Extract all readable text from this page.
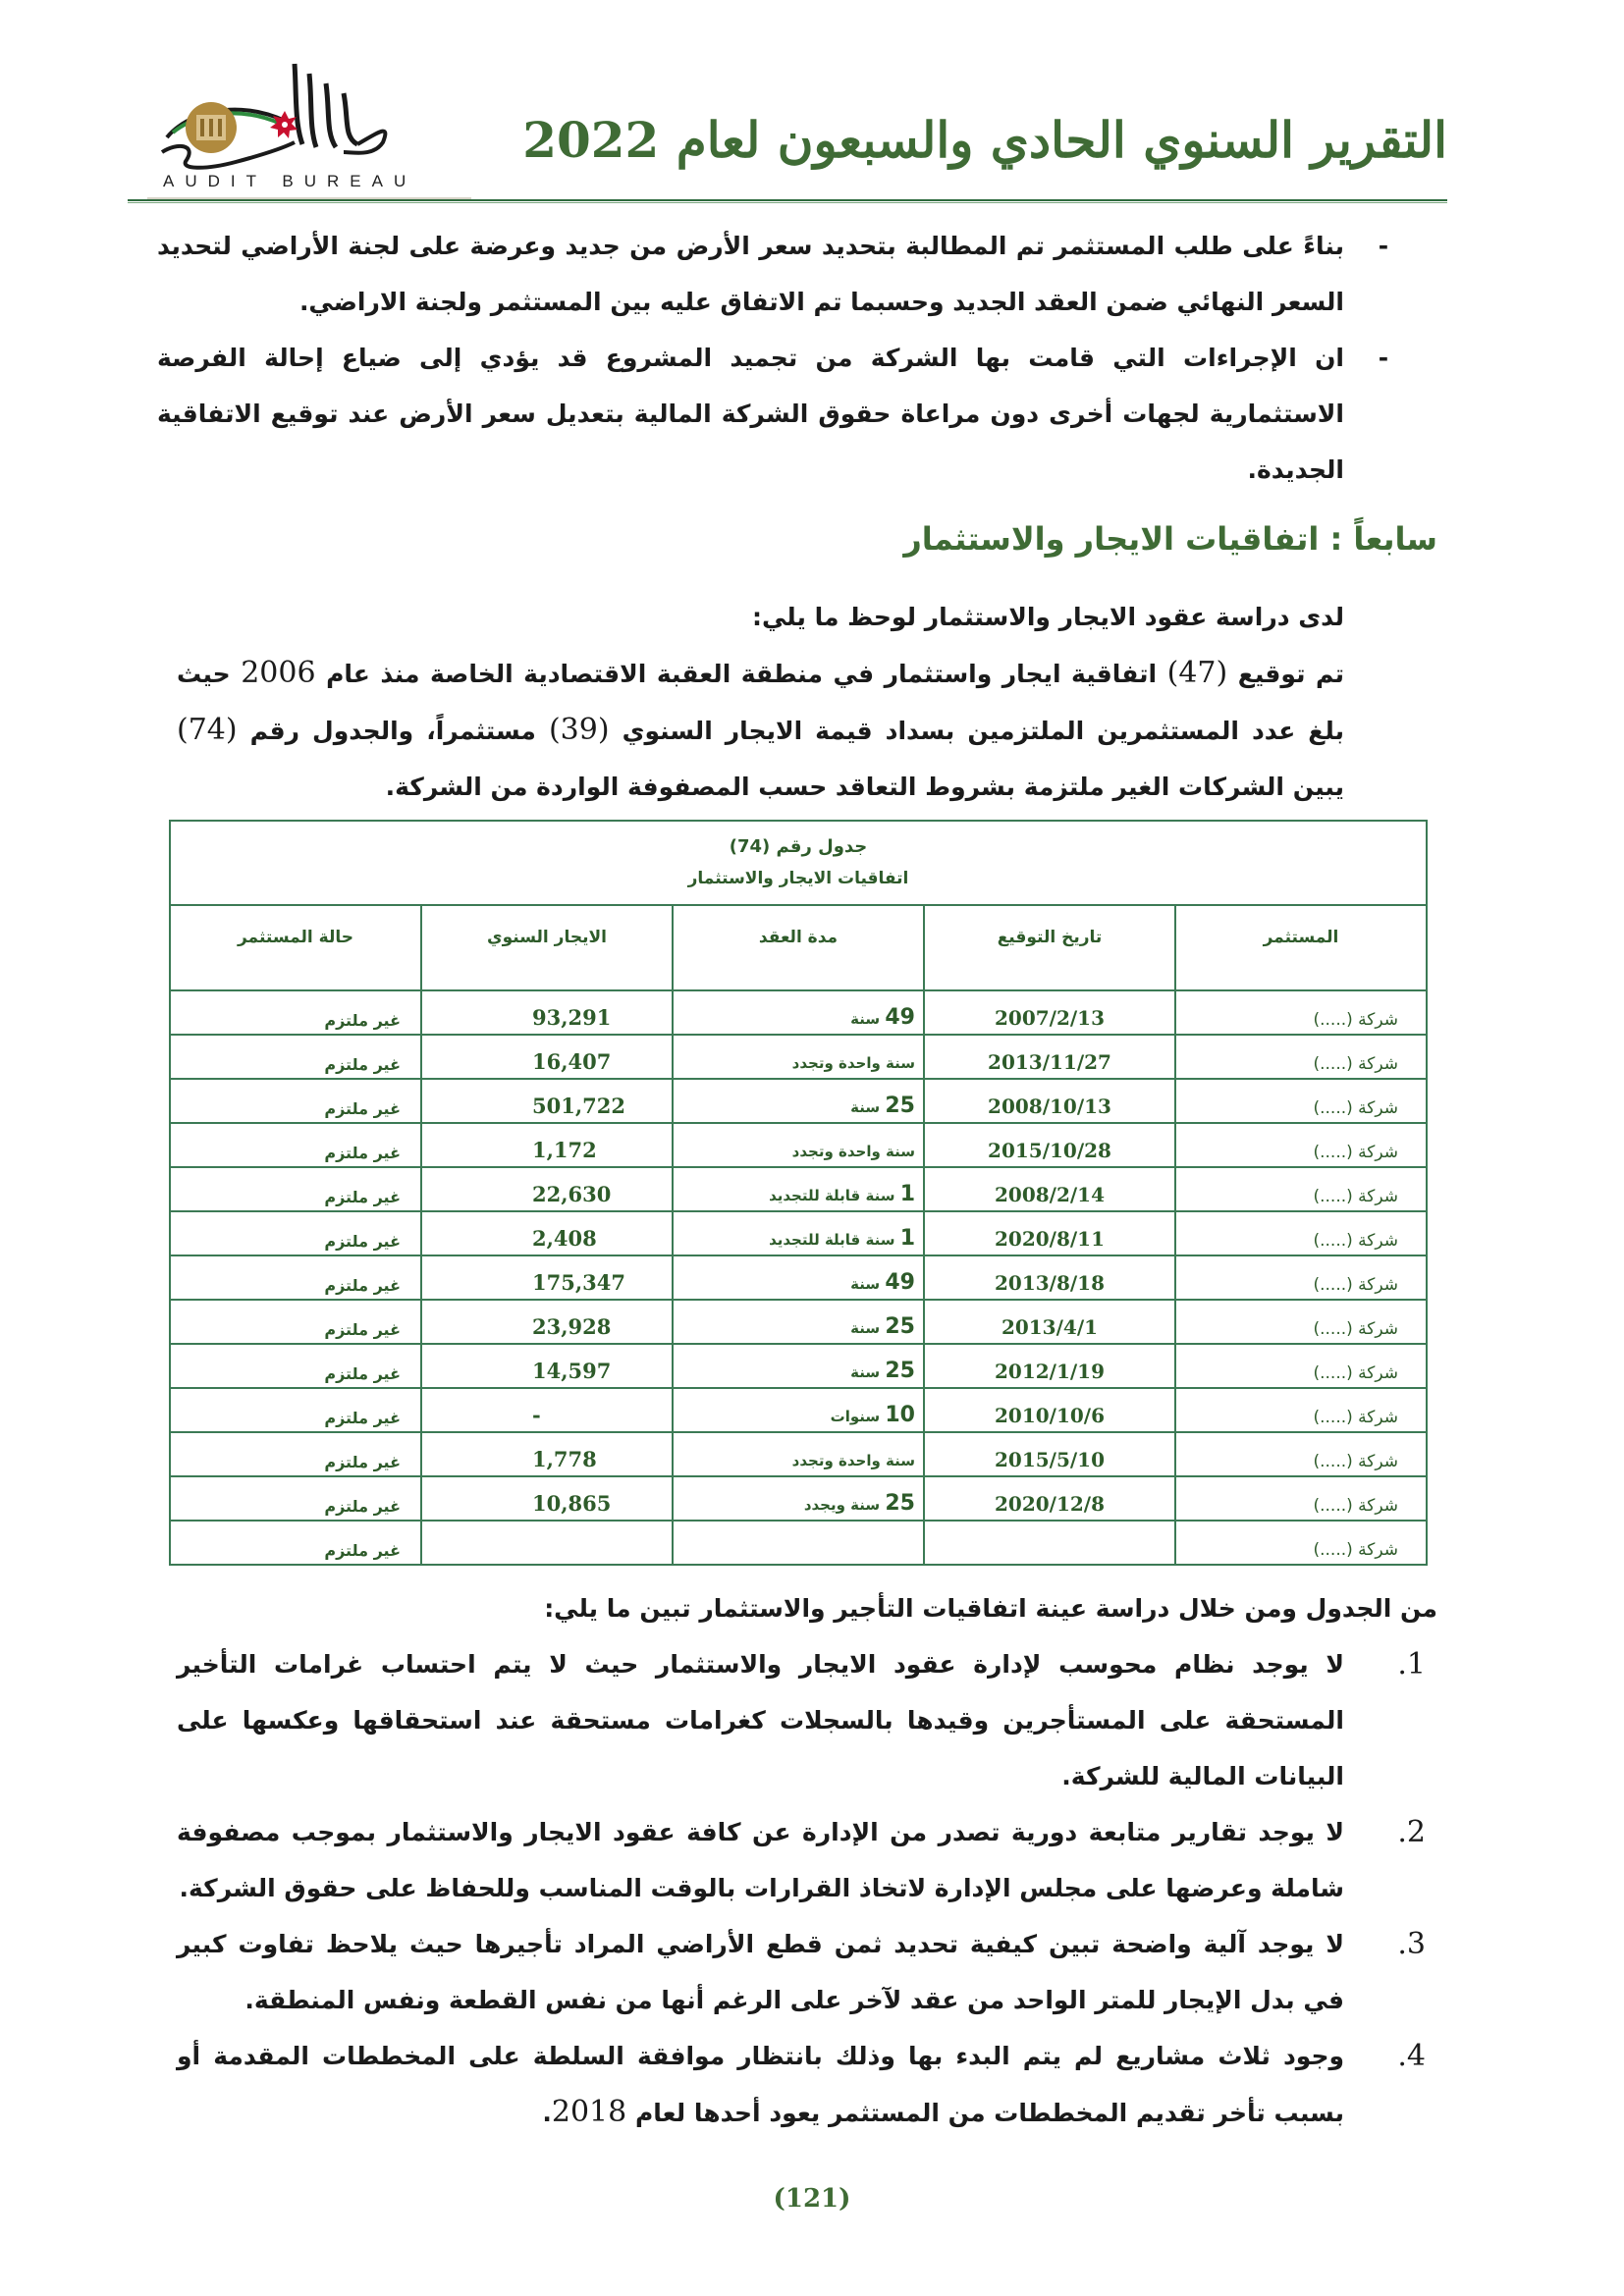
التقرير السنوي الحادي والسبعون لعام 2022
AUDIT BUREAU
-
بناءً على طلب المستثمر تم المطالبة بتحديد سعر الأرض من جديد وعرضة على لجنة الأراضي لتحديد السعر النهائي ضمن العقد الجديد وحسبما تم الاتفاق عليه بين المستثمر ولجنة الاراضي.
-
ان الإجراءات التي قامت بها الشركة من تجميد المشروع قد يؤدي إلى ضياع إحالة الفرصة الاستثمارية لجهات أخرى دون مراعاة حقوق الشركة المالية بتعديل سعر الأرض عند توقيع الاتفاقية الجديدة.
سابعاً : اتفاقيات الايجار والاستثمار
لدى دراسة عقود الايجار والاستثمار لوحظ ما يلي:
تم توقيع (47) اتفاقية ايجار واستثمار في منطقة العقبة الاقتصادية الخاصة منذ عام 2006 حيث بلغ عدد المستثمرين الملتزمين بسداد قيمة الايجار السنوي (39) مستثمراً، والجدول رقم (74) يبين الشركات الغير ملتزمة بشروط التعاقد حسب المصفوفة الواردة من الشركة.
جدول رقم (74)
اتفاقيات الايجار والاستثمار				

المستثمر	تاريخ التوقيع	مدة العقد	الايجار السنوي	حالة المستثمر
شركة (.....)	2007/2/13	49 سنة	93,291	غير ملتزم
شركة (.....)	2013/11/27	سنة واحدة وتجدد	16,407	غير ملتزم
شركة (.....)	2008/10/13	25 سنة	501,722	غير ملتزم
شركة (.....)	2015/10/28	سنة واحدة وتجدد	1,172	غير ملتزم
شركة (.....)	2008/2/14	1 سنة قابلة للتجديد	22,630	غير ملتزم
شركة (.....)	2020/8/11	1 سنة قابلة للتجديد	2,408	غير ملتزم
شركة (.....)	2013/8/18	49 سنة	175,347	غير ملتزم
شركة (.....)	2013/4/1	25 سنة	23,928	غير ملتزم
شركة (.....)	2012/1/19	25 سنة	14,597	غير ملتزم
شركة (.....)	2010/10/6	10 سنوات	-	غير ملتزم
شركة (.....)	2015/5/10	سنة واحدة وتجدد	1,778	غير ملتزم
شركة (.....)	2020/12/8	25 سنة ويجدد	10,865	غير ملتزم
شركة (.....)				غير ملتزم
من الجدول ومن خلال دراسة عينة اتفاقيات التأجير والاستثمار تبين ما يلي:
1.
لا يوجد نظام محوسب لإدارة عقود الايجار والاستثمار حيث لا يتم احتساب غرامات التأخير المستحقة على المستأجرين وقيدها بالسجلات كغرامات مستحقة عند استحقاقها وعكسها على البيانات المالية للشركة.
2.
لا يوجد تقارير متابعة دورية تصدر من الإدارة عن كافة عقود الايجار والاستثمار بموجب مصفوفة شاملة وعرضها على مجلس الإدارة لاتخاذ القرارات بالوقت المناسب وللحفاظ على حقوق الشركة.
3.
لا يوجد آلية واضحة تبين كيفية تحديد ثمن قطع الأراضي المراد تأجيرها حيث يلاحظ تفاوت كبير في بدل الإيجار للمتر الواحد من عقد لآخر على الرغم أنها من نفس القطعة ونفس المنطقة.
4.
وجود ثلاث مشاريع لم يتم البدء بها وذلك بانتظار موافقة السلطة على المخططات المقدمة أو بسبب تأخر تقديم المخططات من المستثمر يعود أحدها لعام 2018.
(121)
